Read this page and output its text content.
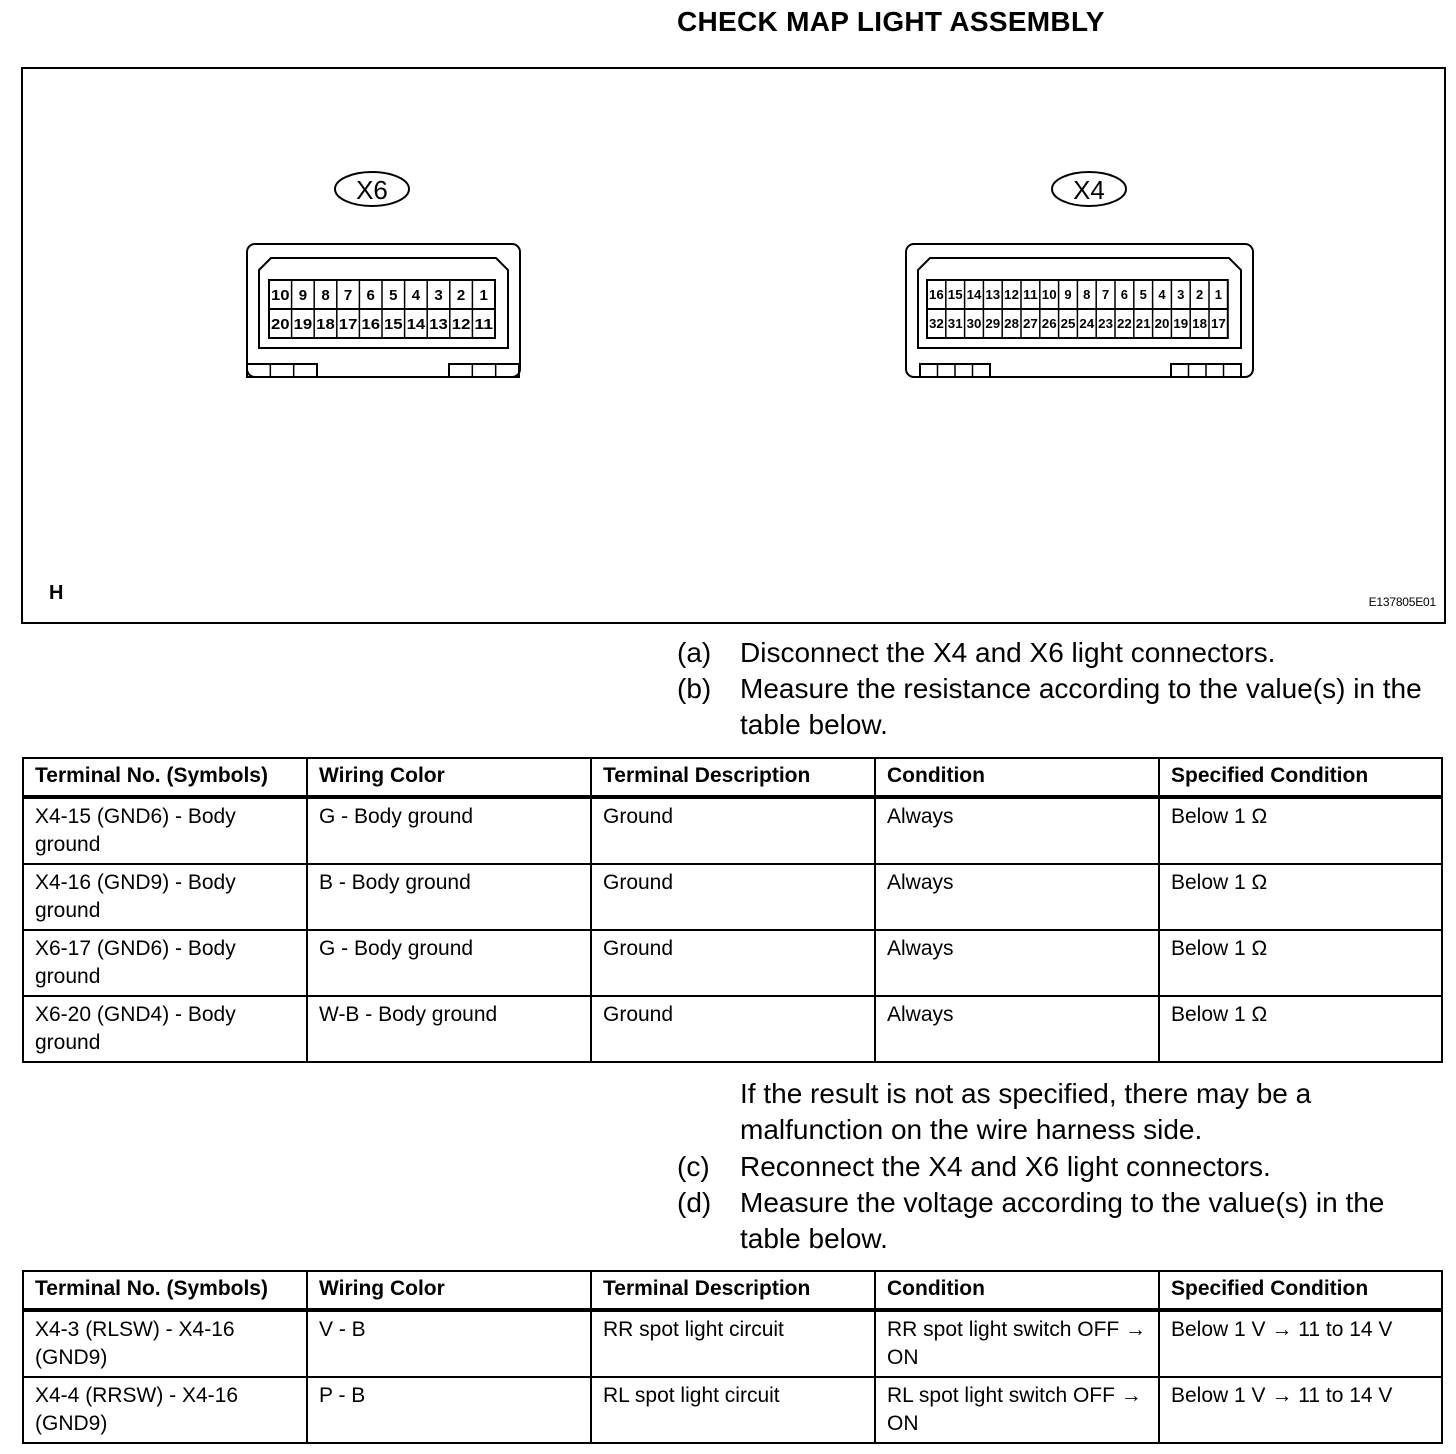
CHECK MAP LIGHT ASSEMBLY
X6
10 9 8 7 6 5 4 3 2 1
20 19 18 17 16 15 14 13 12 11
X4
16 15 14 13 12 11 10 9 8 7 6 5 4 3 2 1
32 31 30 29 28 27 26 25 24 23 22 21 20 19 18 17
H	E137805E01
(a)	Disconnect the X4 and X6 light connectors.
(b)	Measure the resistance according to the value(s) in the table below.
Terminal No. (Symbols)	Wiring Color	Terminal Description	Condition	Specified Condition
X4-15 (GND6) - Body ground	G - Body ground	Ground	Always	Below 1 Ω
X4-16 (GND9) - Body ground	B - Body ground	Ground	Always	Below 1 Ω
X6-17 (GND6) - Body ground	G - Body ground	Ground	Always	Below 1 Ω
X6-20 (GND4) - Body ground	W-B - Body ground	Ground	Always	Below 1 Ω
If the result is not as specified, there may be a malfunction on the wire harness side.
(c)	Reconnect the X4 and X6 light connectors.
(d)	Measure the voltage according to the value(s) in the table below.
Terminal No. (Symbols)	Wiring Color	Terminal Description	Condition	Specified Condition
X4-3 (RLSW) - X4-16 (GND9)	V - B	RR spot light circuit	RR spot light switch OFF → ON	Below 1 V → 11 to 14 V
X4-4 (RRSW) - X4-16 (GND9)	P - B	RL spot light circuit	RL spot light switch OFF → ON	Below 1 V → 11 to 14 V
